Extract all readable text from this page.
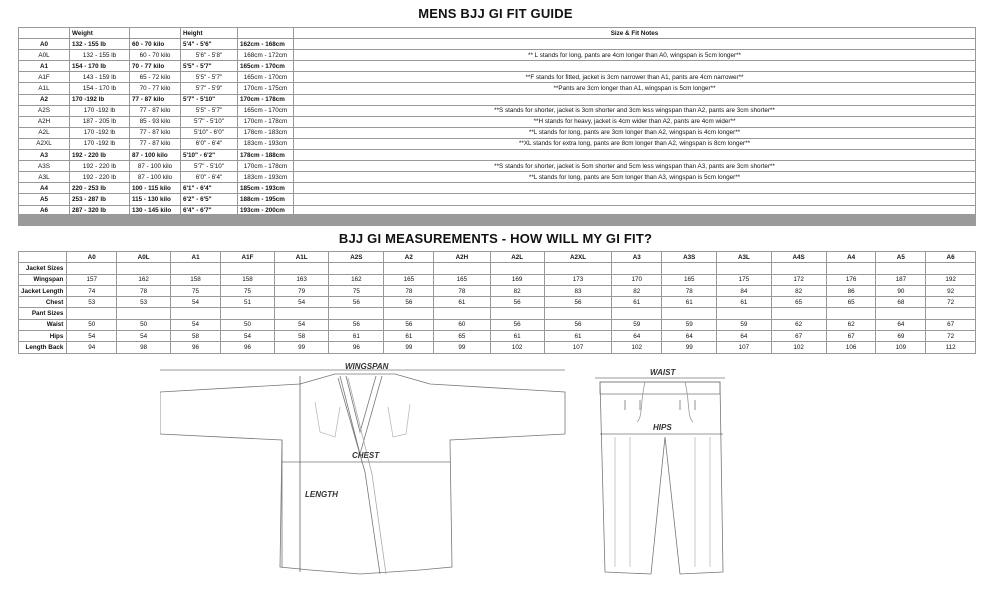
MENS BJJ GI FIT GUIDE
	Weight		Height		Size & Fit Notes
A0	132 - 155 lb	60 - 70 kilo	5'4" - 5'6"	162cm - 168cm	
A0L	132 - 155 lb	60 - 70 kilo	5'6" - 5'8"	168cm - 172cm	** L stands for long, pants are 4cm longer than A0, wingspan is 5cm longer**
A1	154 - 170 lb	70 - 77 kilo	5'5" - 5'7"	165cm - 170cm	
A1F	143 - 159 lb	65 - 72 kilo	5'5" - 5'7"	165cm - 170cm	**F stands for fitted, jacket is 3cm narrower than A1, pants are 4cm narrower**
A1L	154 - 170 lb	70 - 77 kilo	5'7" - 5'9"	170cm - 175cm	**Pants are 3cm longer than A1, wingspan is 5cm longer**
A2	170 -192 lb	77 - 87 kilo	5'7" - 5'10"	170cm - 178cm	
A2S	170 -192 lb	77 - 87 kilo	5'5" - 5'7"	165cm - 170cm	**S stands for shorter, jacket is 3cm shorter and 3cm less wingspan than A2, pants are 3cm shorter**
A2H	187 - 205 lb	85 - 93 kilo	5'7" - 5'10"	170cm - 178cm	**H stands for heavy, jacket is 4cm wider than A2, pants are 4cm wider**
A2L	170 -192 lb	77 - 87 kilo	5'10" - 6'0"	178cm - 183cm	**L stands for long, pants are 3cm longer than A2, wingspan is 4cm longer**
A2XL	170 -192 lb	77 - 87 kilo	6'0" - 6'4"	183cm - 193cm	**XL stands for extra long, pants are 8cm longer than A2, wingspan is 8cm longer**
A3	192 - 220 lb	87 - 100 kilo	5'10" - 6'2"	178cm - 188cm	
A3S	192 - 220 lb	87 - 100 kilo	5'7" - 5'10"	170cm - 178cm	**S stands for shorter, jacket is 5cm shorter and 5cm less wingspan than A3, pants are 3cm shorter**
A3L	192 - 220 lb	87 - 100 kilo	6'0" - 6'4"	183cm - 193cm	**L stands for long, pants are 5cm longer than A3, wingspan is 5cm longer**
A4	220 - 253 lb	100 - 115 kilo	6'1" - 6'4"	185cm - 193cm	
A5	253 - 287 lb	115 - 130 kilo	6'2" - 6'5"	188cm - 195cm	
A6	287 - 320 lb	130 - 145 kilo	6'4" - 6'7"	193cm - 200cm	
BJJ GI MEASUREMENTS - HOW WILL MY GI FIT?
	A0	A0L	A1	A1F	A1L	A2S	A2	A2H	A2L	A2XL	A3	A3S	A3L	A4S	A4	A5	A6
Jacket Sizes																	
Wingspan	157	162	158	158	163	162	165	165	169	173	170	165	175	172	176	187	192
Jacket Length	74	78	75	75	79	75	78	78	82	83	82	78	84	82	86	90	92
Chest	53	53	54	51	54	56	56	61	56	56	61	61	61	65	65	68	72
Pant Sizes																	
Waist	50	50	54	50	54	56	56	60	56	56	59	59	59	62	62	64	67
Hips	54	54	58	54	58	61	61	65	61	61	64	64	64	67	67	69	72
Length Back	94	98	96	96	99	96	99	99	102	107	102	99	107	102	106	109	112
WINGSPAN
CHEST
LENGTH
WAIST
HIPS
